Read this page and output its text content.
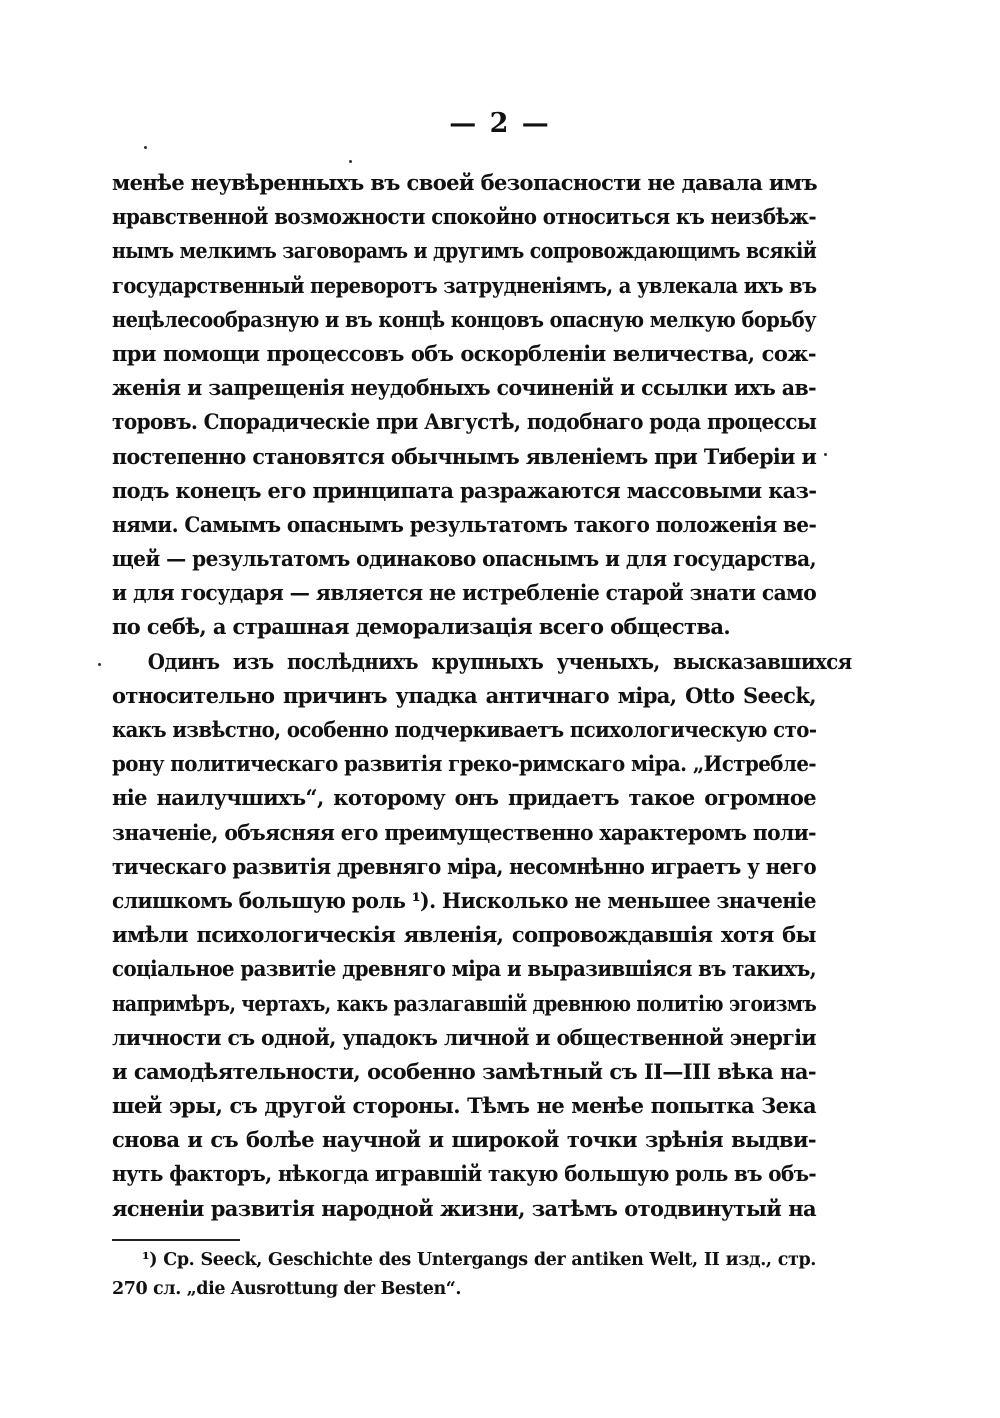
— 2 —
менѣе неувѣренныхъ въ своей безопасности не давала имъ
нравственной возможности спокойно относиться къ неизбѣж-
нымъ мелкимъ заговорамъ и другимъ сопровождающимъ всякій
государственный переворотъ затрудненіямъ, а увлекала ихъ въ
нецѣлесообразную и въ концѣ концовъ опасную мелкую борьбу
при помощи процессовъ объ оскорбленіи величества, сож-
женія и запрещенія неудобныхъ сочиненій и ссылки ихъ ав-
торовъ. Спорадическіе при Августѣ, подобнаго рода процессы
постепенно становятся обычнымъ явленіемъ при Тиберіи и
подъ конецъ его принципата разражаются массовыми каз-
нями. Самымъ опаснымъ результатомъ такого положенія ве-
щей — результатомъ одинаково опаснымъ и для государства,
и для государя — является не истребленіе старой знати само
по себѣ, а страшная деморализація всего общества.
Одинъ изъ послѣднихъ крупныхъ ученыхъ, высказавшихся
относительно причинъ упадка античнаго міра, Otto Seeck,
какъ извѣстно, особенно подчеркиваетъ психологическую сто-
рону политическаго развитія греко-римскаго міра. „Истребле-
ніе наилучшихъ“, которому онъ придаетъ такое огромное
значеніе, объясняя его преимущественно характеромъ поли-
тическаго развитія древняго міра, несомнѣнно играетъ у него
слишкомъ большую роль ¹). Нисколько не меньшее значеніе
имѣли психологическія явленія, сопровождавшія хотя бы
соціальное развитіе древняго міра и выразившіяся въ такихъ,
напримѣръ, чертахъ, какъ разлагавшій древнюю политію эгоизмъ
личности съ одной, упадокъ личной и общественной энергіи
и самодѣятельности, особенно замѣтный съ II—III вѣка на-
шей эры, съ другой стороны. Тѣмъ не менѣе попытка Зека
снова и съ болѣе научной и широкой точки зрѣнія выдви-
нуть факторъ, нѣкогда игравшій такую большую роль въ объ-
ясненіи развитія народной жизни, затѣмъ отодвинутый на
¹) Ср. Seeck, Geschichte des Untergangs der antiken Welt, II изд., стр.
270 сл. „die Ausrottung der Besten“.
